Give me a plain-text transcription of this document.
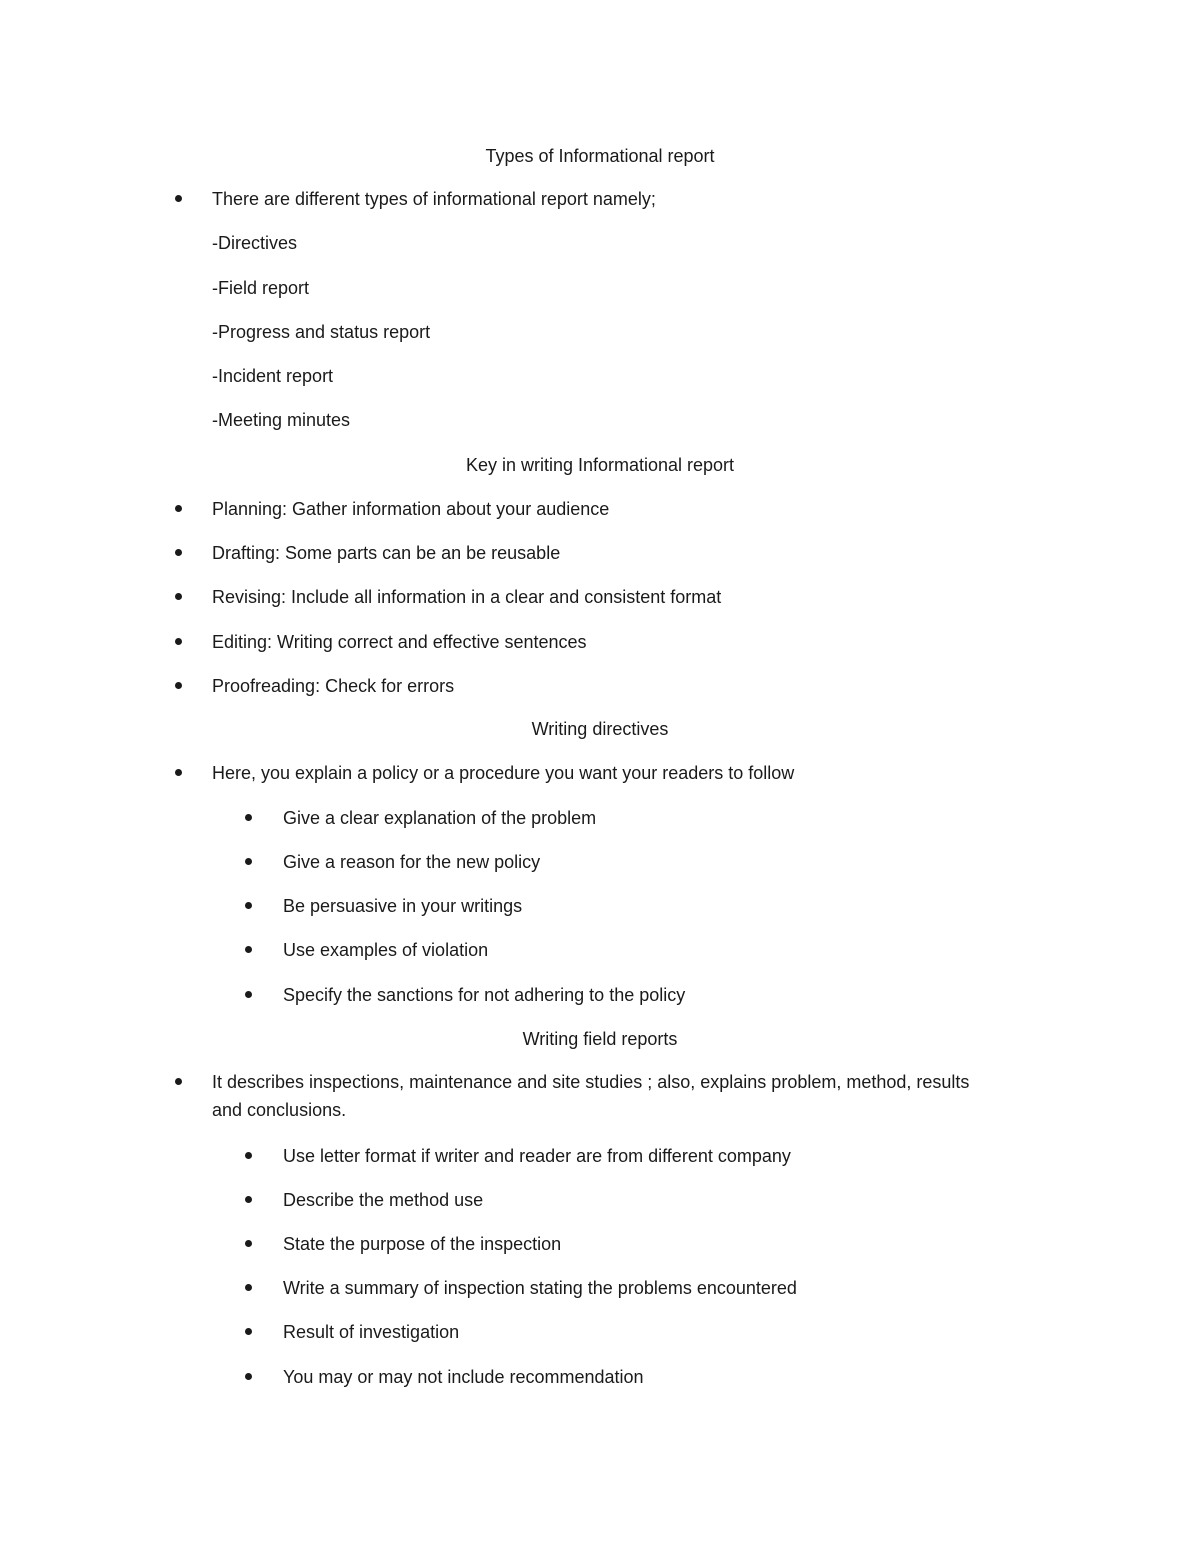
Types of Informational report
There are different types of informational report namely;
-Directives
-Field report
-Progress and status report
-Incident report
-Meeting minutes
Key in writing Informational report
Planning: Gather information about your audience
Drafting: Some parts can be an be reusable
Revising: Include all information in a clear and consistent format
Editing: Writing correct and effective sentences
Proofreading: Check for errors
Writing directives
Here, you explain a policy or a procedure you want your readers to follow
Give a clear explanation of the problem
Give a reason for the new policy
Be persuasive in your writings
Use examples of violation
Specify the sanctions for not adhering to the policy
Writing field reports
It describes inspections, maintenance and site studies ; also, explains problem, method, results
and conclusions.
Use letter format if writer and reader are from different company
Describe the method use
State the purpose of the inspection
Write a summary of inspection stating the problems encountered
Result of investigation
You may or may not include recommendation
